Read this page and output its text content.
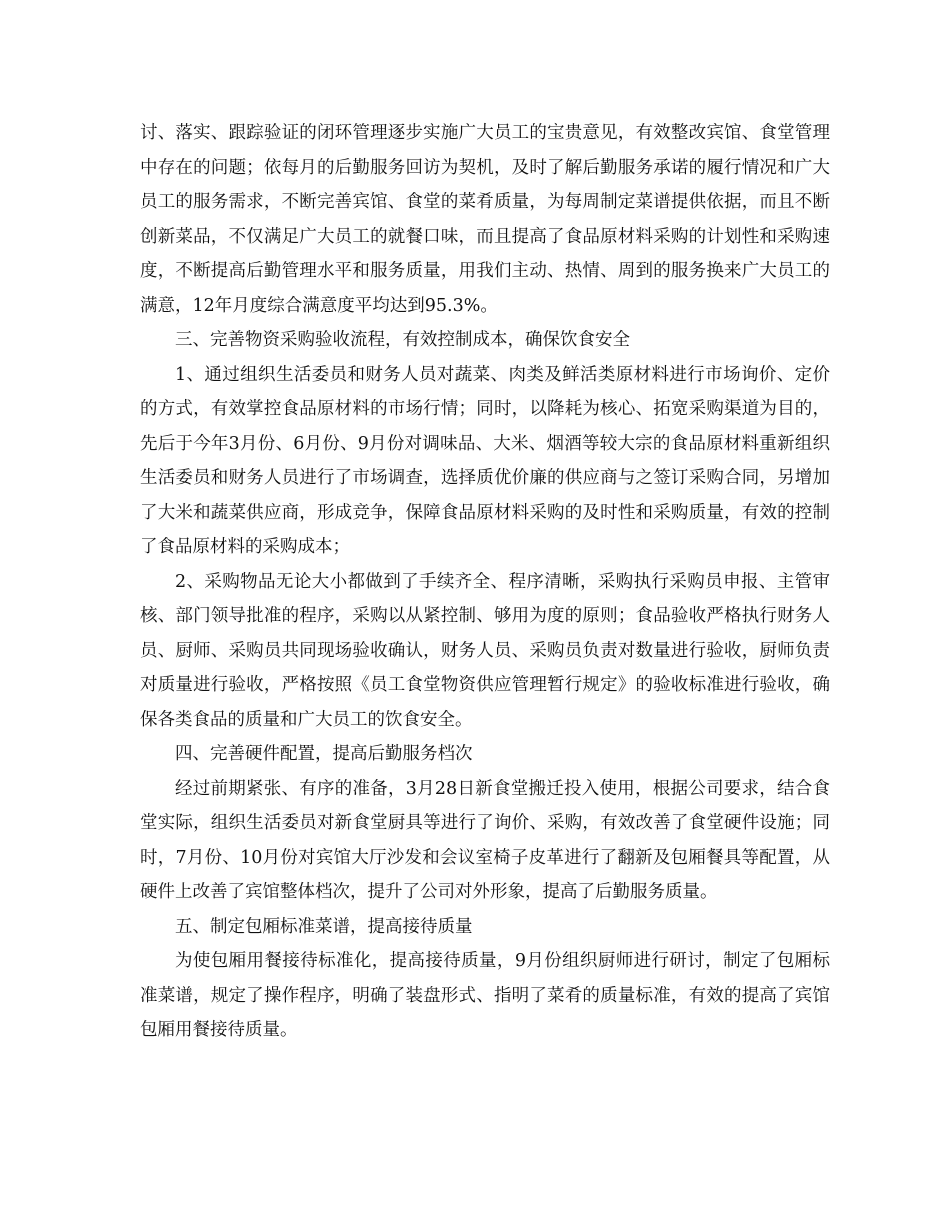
讨、落实、跟踪验证的闭环管理逐步实施广大员工的宝贵意见，有效整改宾馆、食堂管理中存在的问题；依每月的后勤服务回访为契机，及时了解后勤服务承诺的履行情况和广大员工的服务需求，不断完善宾馆、食堂的菜肴质量，为每周制定菜谱提供依据，而且不断创新菜品，不仅满足广大员工的就餐口味，而且提高了食品原材料采购的计划性和采购速度，不断提高后勤管理水平和服务质量，用我们主动、热情、周到的服务换来广大员工的满意，12年月度综合满意度平均达到95.3%。

三、完善物资采购验收流程，有效控制成本，确保饮食安全

1、通过组织生活委员和财务人员对蔬菜、肉类及鲜活类原材料进行市场询价、定价的方式，有效掌控食品原材料的市场行情；同时，以降耗为核心、拓宽采购渠道为目的，先后于今年3月份、6月份、9月份对调味品、大米、烟酒等较大宗的食品原材料重新组织生活委员和财务人员进行了市场调查，选择质优价廉的供应商与之签订采购合同，另增加了大米和蔬菜供应商，形成竞争，保障食品原材料采购的及时性和采购质量，有效的控制了食品原材料的采购成本；

2、采购物品无论大小都做到了手续齐全、程序清晰，采购执行采购员申报、主管审核、部门领导批准的程序，采购以从紧控制、够用为度的原则；食品验收严格执行财务人员、厨师、采购员共同现场验收确认，财务人员、采购员负责对数量进行验收，厨师负责对质量进行验收，严格按照《员工食堂物资供应管理暂行规定》的验收标准进行验收，确保各类食品的质量和广大员工的饮食安全。

四、完善硬件配置，提高后勤服务档次

经过前期紧张、有序的准备，3月28日新食堂搬迁投入使用，根据公司要求，结合食堂实际，组织生活委员对新食堂厨具等进行了询价、采购，有效改善了食堂硬件设施；同时，7月份、10月份对宾馆大厅沙发和会议室椅子皮革进行了翻新及包厢餐具等配置，从硬件上改善了宾馆整体档次，提升了公司对外形象，提高了后勤服务质量。

五、制定包厢标准菜谱，提高接待质量

为使包厢用餐接待标准化，提高接待质量，9月份组织厨师进行研讨，制定了包厢标准菜谱，规定了操作程序，明确了装盘形式、指明了菜肴的质量标准，有效的提高了宾馆包厢用餐接待质量。
